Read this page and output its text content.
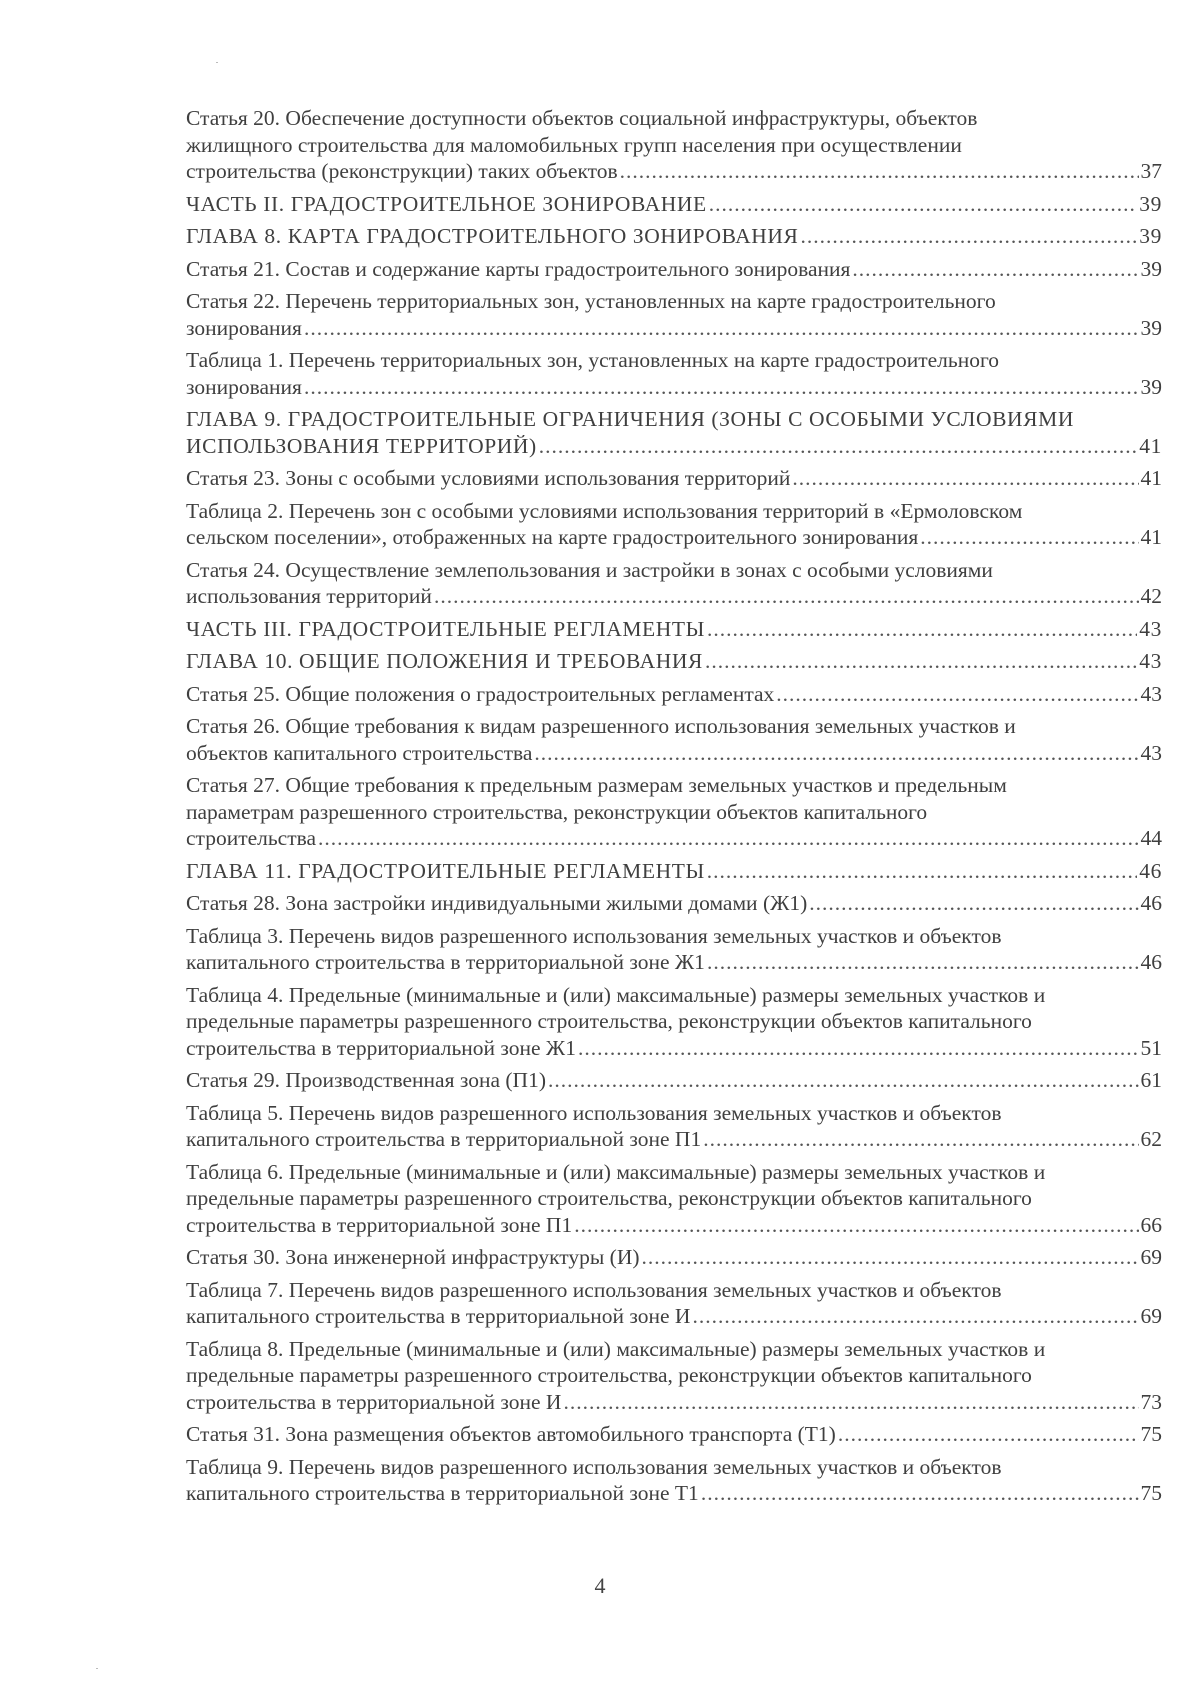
Статья 20. Обеспечение доступности объектов социальной инфраструктуры, объектов
жилищного строительства для маломобильных групп населения при осуществлении
строительства (реконструкции) таких объектов .....	37
ЧАСТЬ II. ГРАДОСТРОИТЕЛЬНОЕ ЗОНИРОВАНИЕ .....	39
ГЛАВА 8. КАРТА ГРАДОСТРОИТЕЛЬНОГО ЗОНИРОВАНИЯ .....	39
Статья 21. Состав и содержание карты градостроительного зонирования .....	39
Статья 22. Перечень территориальных зон, установленных на карте градостроительного
зонирования .....	39
Таблица 1. Перечень территориальных зон, установленных на карте градостроительного
зонирования .....	39
ГЛАВА 9. ГРАДОСТРОИТЕЛЬНЫЕ ОГРАНИЧЕНИЯ (ЗОНЫ С ОСОБЫМИ УСЛОВИЯМИ
ИСПОЛЬЗОВАНИЯ ТЕРРИТОРИЙ) .....	41
Статья 23. Зоны с особыми условиями использования территорий .....	41
Таблица 2. Перечень зон с особыми условиями использования территорий в «Ермоловском
сельском поселении», отображенных на карте градостроительного зонирования .....	41
Статья 24. Осуществление землепользования и застройки в зонах с особыми условиями
использования территорий .....	42
ЧАСТЬ III. ГРАДОСТРОИТЕЛЬНЫЕ РЕГЛАМЕНТЫ .....	43
ГЛАВА 10. ОБЩИЕ ПОЛОЖЕНИЯ И ТРЕБОВАНИЯ .....	43
Статья 25. Общие положения о градостроительных регламентах .....	43
Статья 26. Общие требования к видам разрешенного использования земельных участков и
объектов капитального строительства .....	43
Статья 27. Общие требования к предельным размерам земельных участков и предельным
параметрам разрешенного строительства, реконструкции объектов капитального
строительства .....	44
ГЛАВА 11. ГРАДОСТРОИТЕЛЬНЫЕ РЕГЛАМЕНТЫ .....	46
Статья 28. Зона застройки индивидуальными жилыми домами (Ж1) .....	46
Таблица 3. Перечень видов разрешенного использования земельных участков и объектов
капитального строительства в территориальной зоне Ж1 .....	46
Таблица 4. Предельные (минимальные и (или) максимальные) размеры земельных участков и
предельные параметры разрешенного строительства, реконструкции объектов капитального
строительства в территориальной зоне Ж1 .....	51
Статья 29. Производственная зона (П1) .....	61
Таблица 5. Перечень видов разрешенного использования земельных участков и объектов
капитального строительства в территориальной зоне П1 .....	62
Таблица 6. Предельные (минимальные и (или) максимальные) размеры земельных участков и
предельные параметры разрешенного строительства, реконструкции объектов капитального
строительства в территориальной зоне П1 .....	66
Статья 30. Зона инженерной инфраструктуры (И) .....	69
Таблица 7. Перечень видов разрешенного использования земельных участков и объектов
капитального строительства в территориальной зоне И .....	69
Таблица 8. Предельные (минимальные и (или) максимальные) размеры земельных участков и
предельные параметры разрешенного строительства, реконструкции объектов капитального
строительства в территориальной зоне И .....	73
Статья 31. Зона размещения объектов автомобильного транспорта (Т1) .....	75
Таблица 9. Перечень видов разрешенного использования земельных участков и объектов
капитального строительства в территориальной зоне Т1 .....	75
4
